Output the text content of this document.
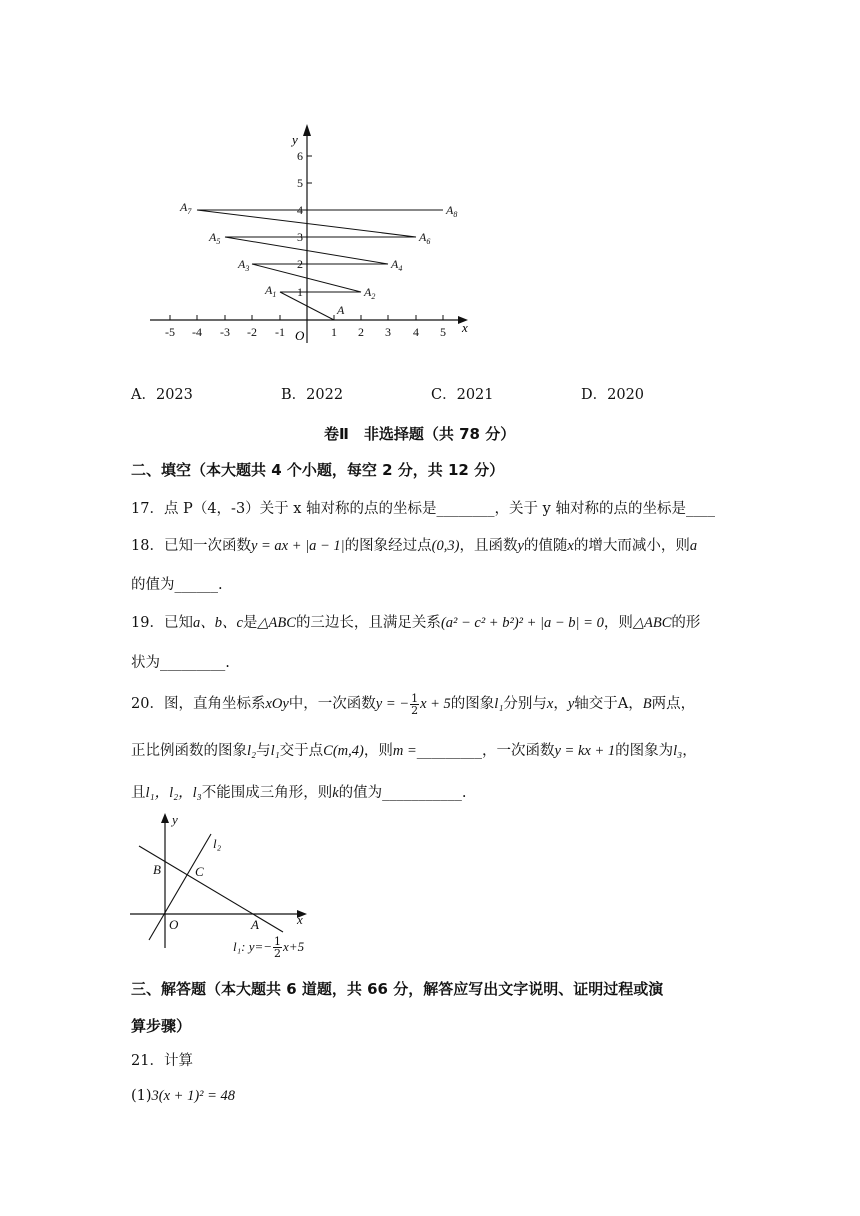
-5 -4 -3 -2 -1	1 2 3 4 5
1
2
3
4
5
6
O
x
y
A
$A_1$	$A_2$
$A_3$	$A_4$
$A_5$	$A_6$
$A_7$	$A_8$
A．2023	B．2022	C．2021	D．2020
卷Ⅱ　非选择题（共 78 分）
二、填空（本大题共 4 个小题，每空 2 分，共 12 分）
17．点 P（4，-3）关于 x 轴对称的点的坐标是________，关于 y 轴对称的点的坐标是____
18．已知一次函数y = ax + |a − 1|的图象经过点(0,3)，且函数y的值随x的增大而减小，则a
的值为______.
19．已知a、b、c是△ABC的三边长，且满足关系(a² − c² + b²)² + |a − b| = 0，则△ABC的形
状为_________.
20．图，直角坐标系xOy中，一次函数y = − $\frac{1}{2}$ x + 5的图象l₁分别与x，y轴交于A，B两点，
正比例函数的图象l₂与l₁交于点C(m,4)，则m =_________，一次函数y = kx + 1的图象为l₃，
且l₁，l₂，l₃不能围成三角形，则k的值为___________.
y
x
l₂
B	C
O	A
l₁: $y=- \frac{1}{2} x+5$
三、解答题（本大题共 6 道题，共 66 分，解答应写出文字说明、证明过程或演
算步骤）
21．计算
(1)3(x + 1)² = 48
